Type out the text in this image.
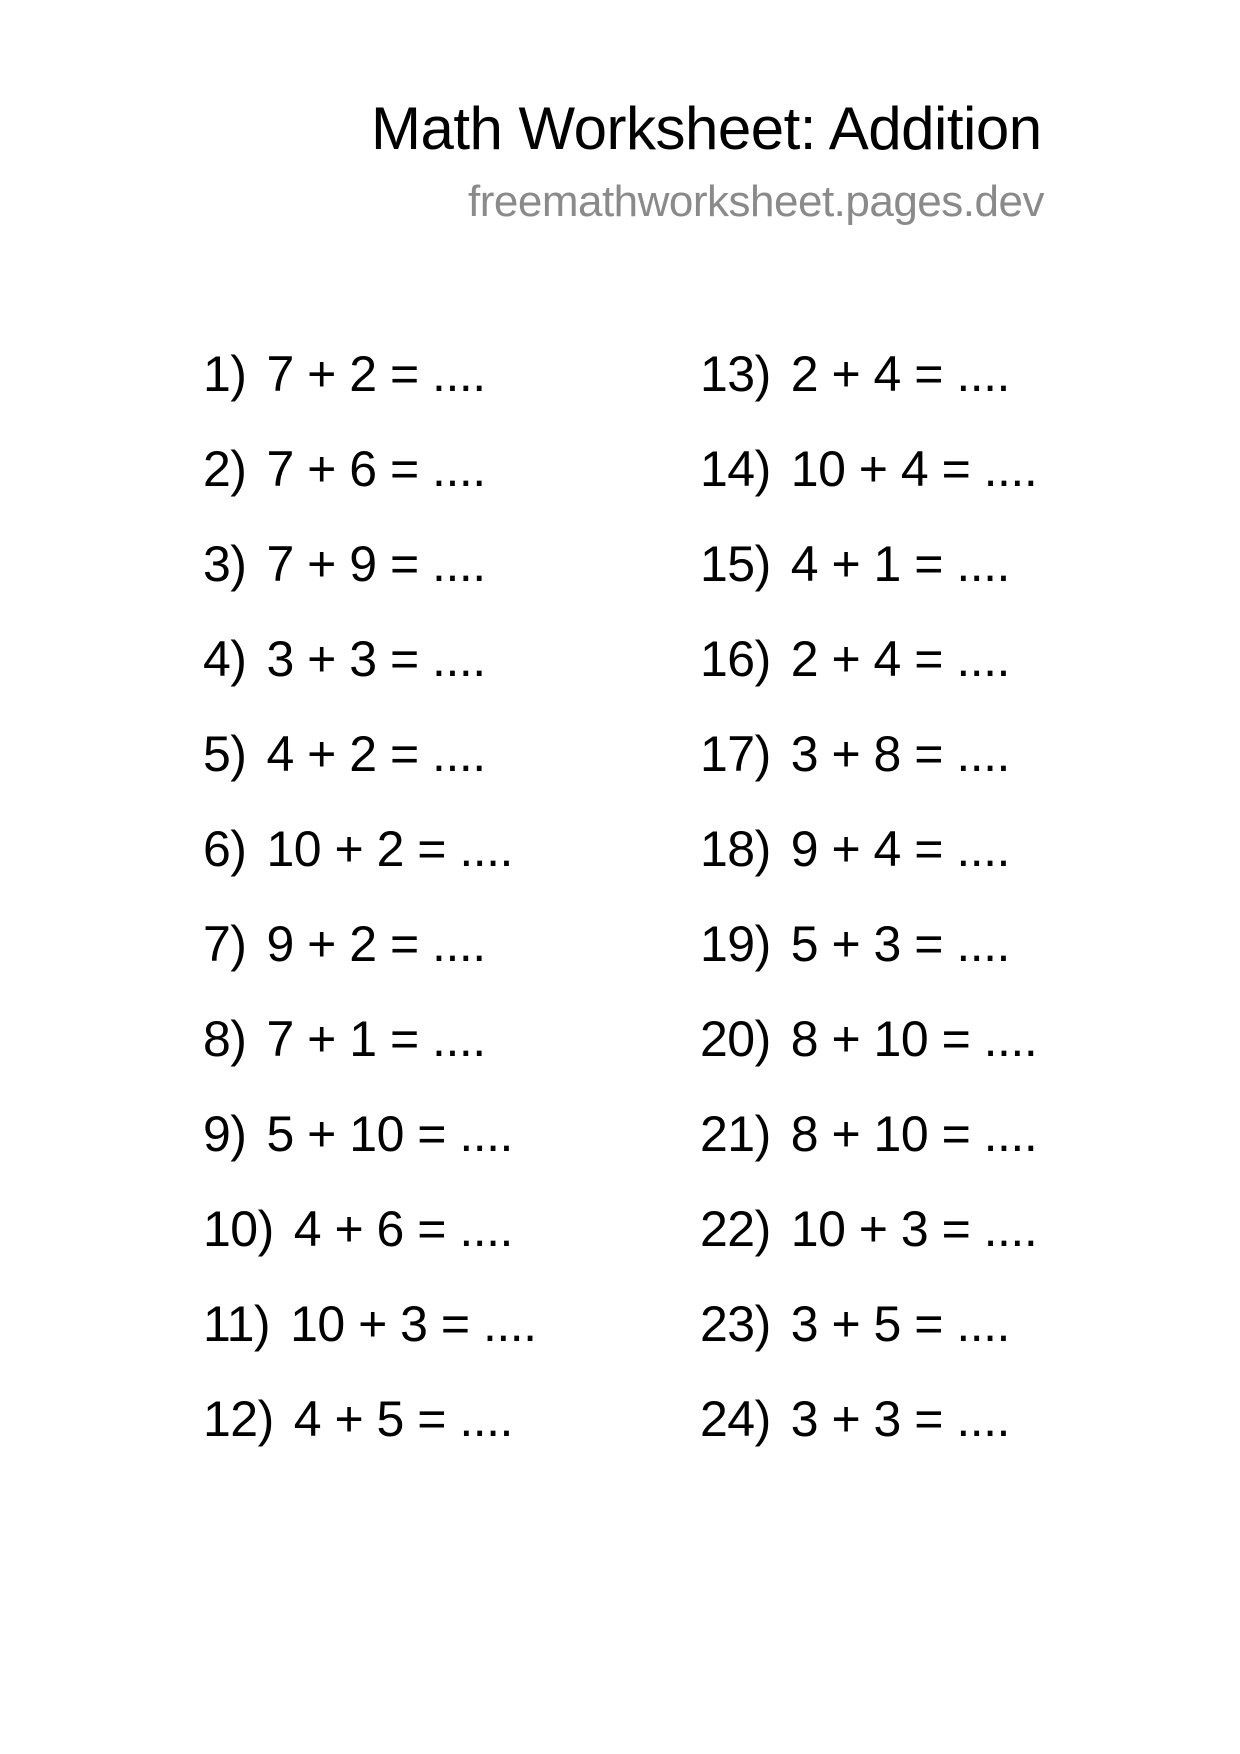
Math Worksheet: Addition
freemathworksheet.pages.dev
1) 7 + 2 = ....
2) 7 + 6 = ....
3) 7 + 9 = ....
4) 3 + 3 = ....
5) 4 + 2 = ....
6) 10 + 2 = ....
7) 9 + 2 = ....
8) 7 + 1 = ....
9) 5 + 10 = ....
10) 4 + 6 = ....
11) 10 + 3 = ....
12) 4 + 5 = ....
13) 2 + 4 = ....
14) 10 + 4 = ....
15) 4 + 1 = ....
16) 2 + 4 = ....
17) 3 + 8 = ....
18) 9 + 4 = ....
19) 5 + 3 = ....
20) 8 + 10 = ....
21) 8 + 10 = ....
22) 10 + 3 = ....
23) 3 + 5 = ....
24) 3 + 3 = ....
